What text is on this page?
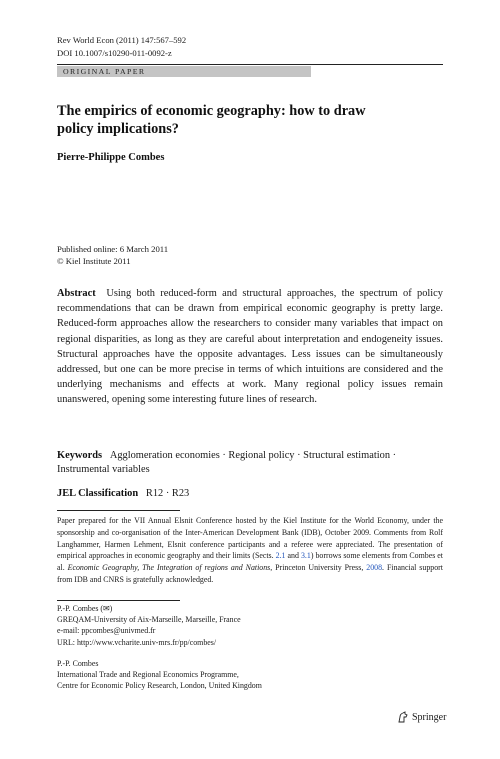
Rev World Econ (2011) 147:567–592
DOI 10.1007/s10290-011-0092-z
ORIGINAL PAPER
The empirics of economic geography: how to draw
policy implications?
Pierre-Philippe Combes
Published online: 6 March 2011
© Kiel Institute 2011
Abstract Using both reduced-form and structural approaches, the spectrum of policy recommendations that can be drawn from empirical economic geography is pretty large. Reduced-form approaches allow the researchers to consider many variables that impact on regional disparities, as long as they are careful about interpretation and endogeneity issues. Structural approaches have the opposite advantages. Less issues can be simultaneously addressed, but one can be more precise in terms of which intuitions are considered and the underlying mechanisms and effects at work. Many regional policy issues remain unanswered, opening some interesting future lines of research.
Keywords Agglomeration economies · Regional policy · Structural estimation · Instrumental variables
JEL Classification R12 · R23
Paper prepared for the VII Annual Elsnit Conference hosted by the Kiel Institute for the World Economy, under the sponsorship and co-organisation of the Inter-American Development Bank (IDB), October 2009. Comments from Rolf Langhammer, Harmen Lehment, Elsnit conference participants and a referee were appreciated. The presentation of empirical approaches in economic geography and their limits (Sects. 2.1 and 3.1) borrows some elements from Combes et al. Economic Geography, The Integration of regions and Nations, Princeton University Press, 2008. Financial support from IDB and CNRS is gratefully acknowledged.
P.-P. Combes (✉)
GREQAM-University of Aix-Marseille, Marseille, France
e-mail: ppcombes@univmed.fr
URL: http://www.vcharite.univ-mrs.fr/pp/combes/
P.-P. Combes
International Trade and Regional Economics Programme,
Centre for Economic Policy Research, London, United Kingdom
Springer
